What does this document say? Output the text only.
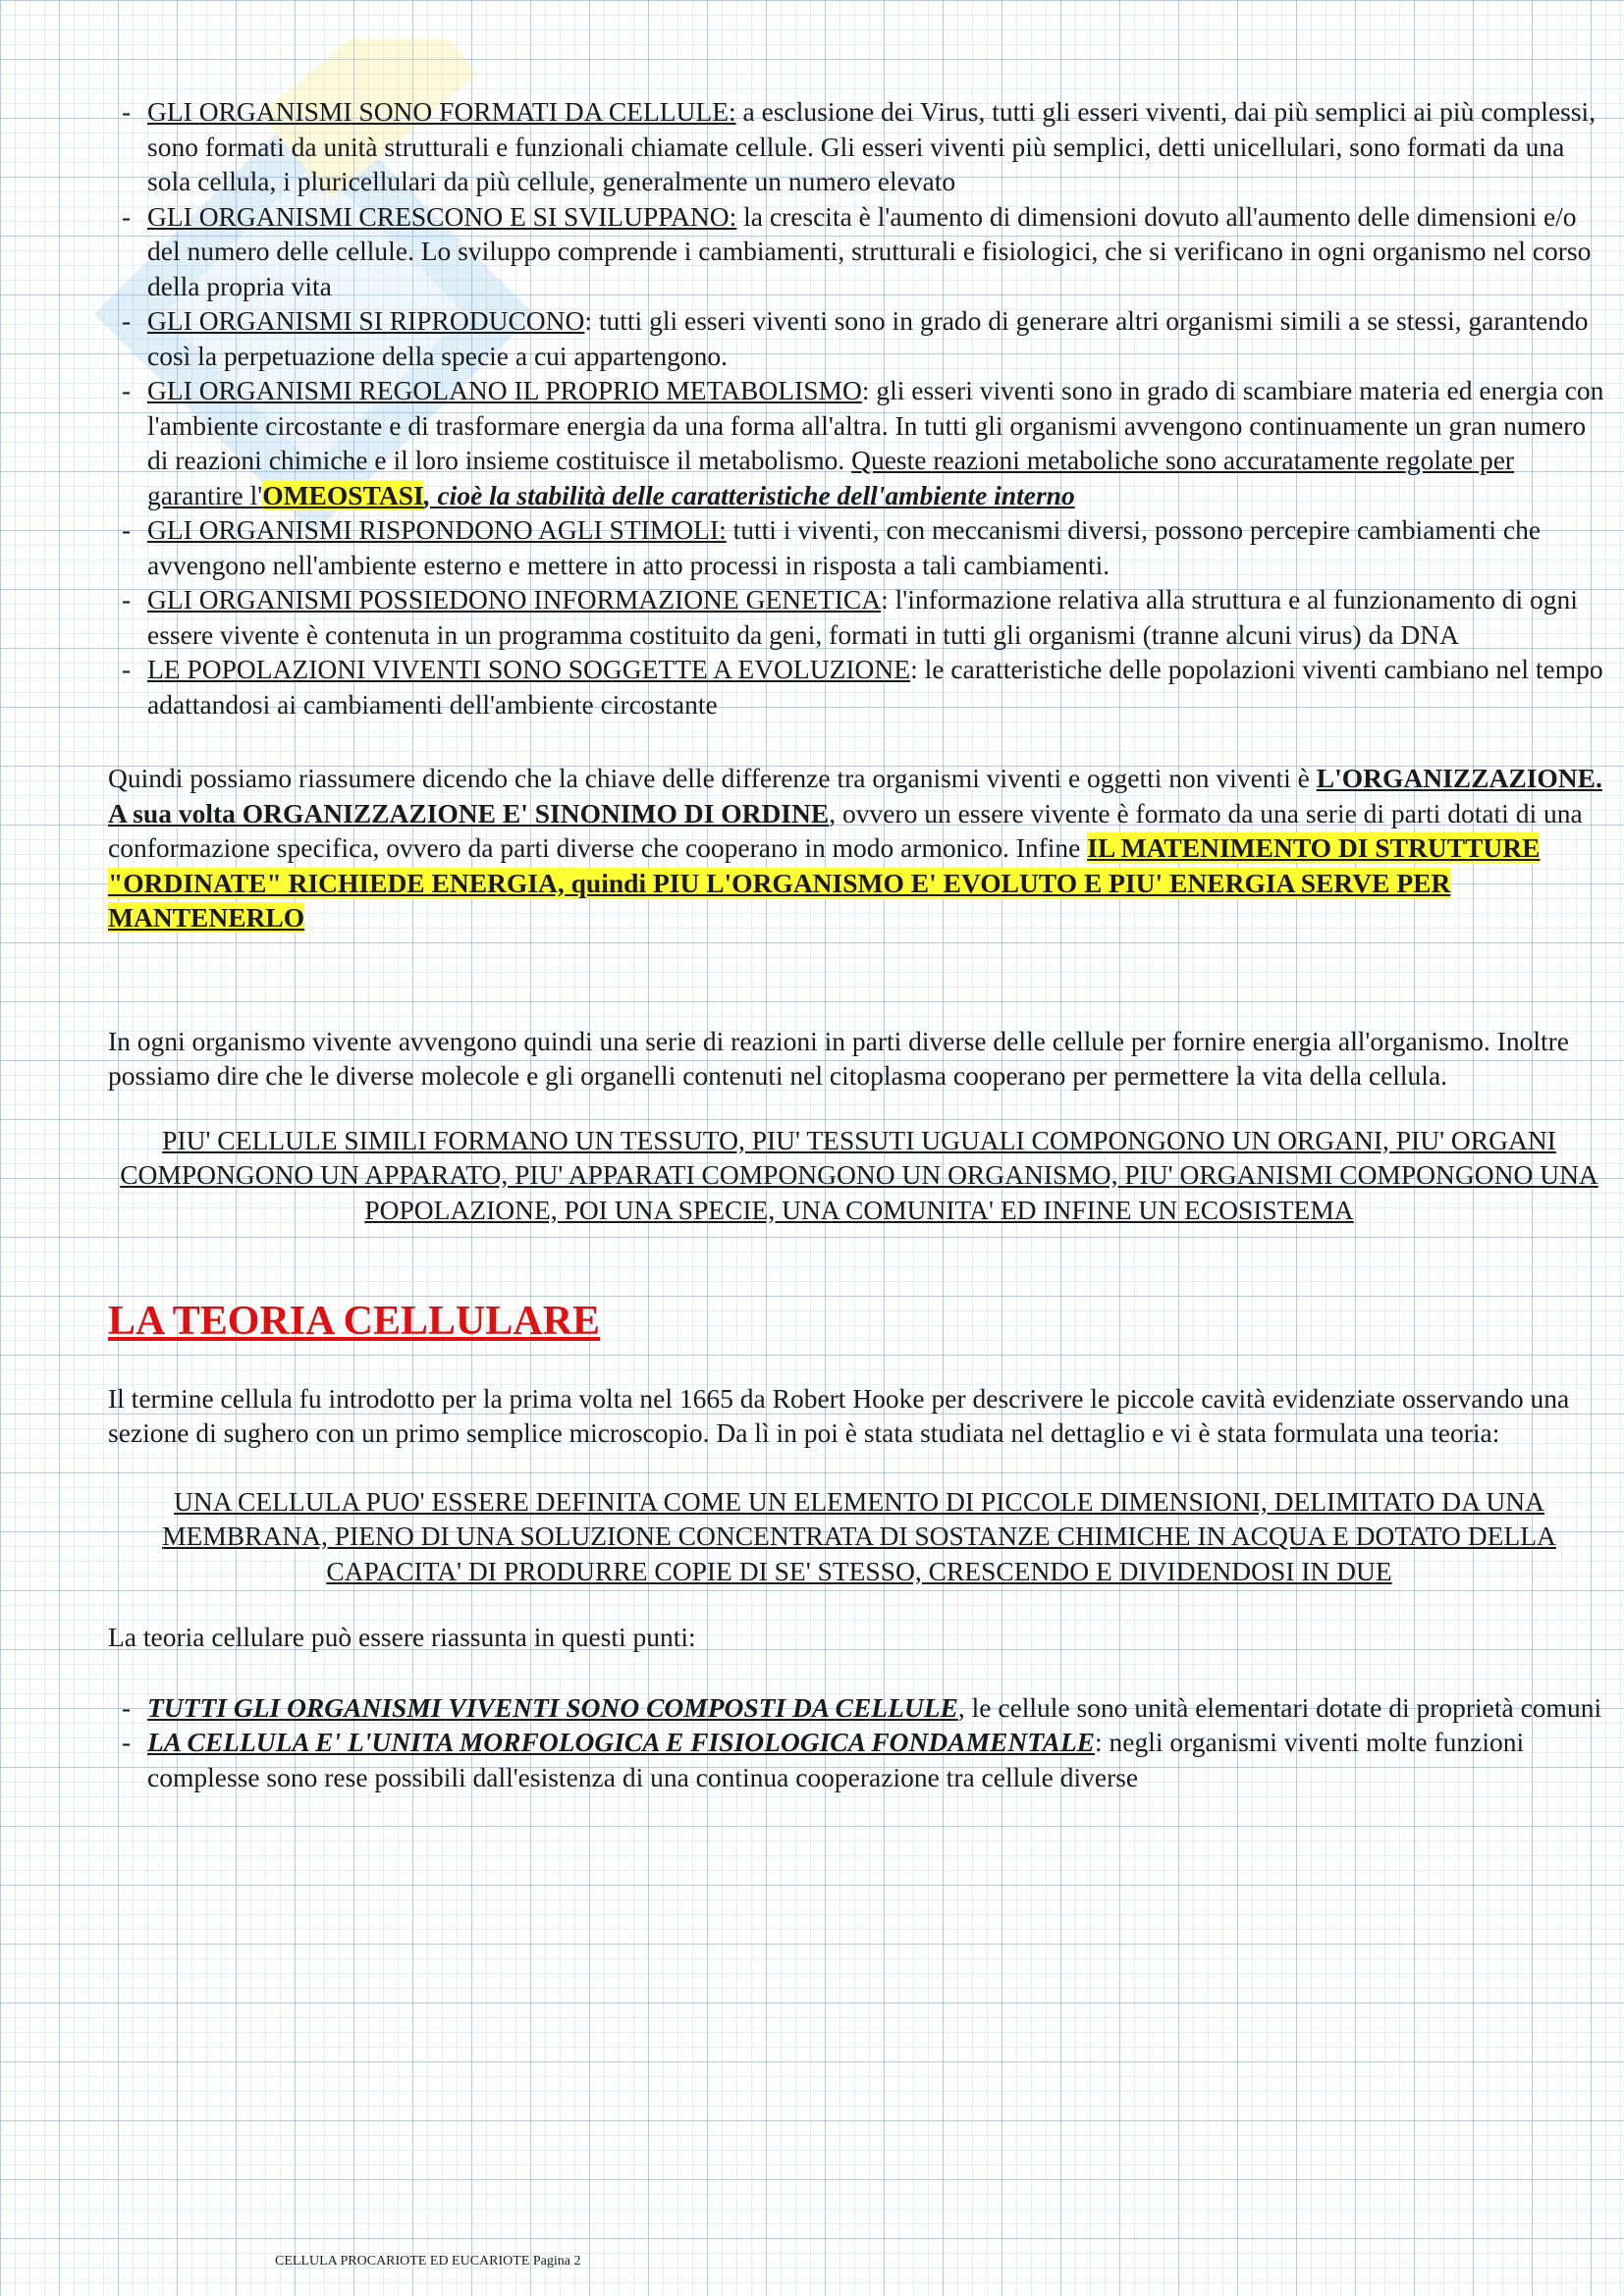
- GLI ORGANISMI SONO FORMATI DA CELLULE: a esclusione dei Virus, tutti gli esseri viventi, dai più semplici ai più complessi, sono formati da unità strutturali e funzionali chiamate cellule. Gli esseri viventi più semplici, detti unicellulari, sono formati da una sola cellula, i pluricellulari da più cellule, generalmente un numero elevato
- GLI ORGANISMI CRESCONO E SI SVILUPPANO: la crescita è l'aumento di dimensioni dovuto all'aumento delle dimensioni e/o del numero delle cellule. Lo sviluppo comprende i cambiamenti, strutturali e fisiologici, che si verificano in ogni organismo nel corso della propria vita
- GLI ORGANISMI SI RIPRODUCONO: tutti gli esseri viventi sono in grado di generare altri organismi simili a se stessi, garantendo così la perpetuazione della specie a cui appartengono.
- GLI ORGANISMI REGOLANO IL PROPRIO METABOLISMO: gli esseri viventi sono in grado di scambiare materia ed energia con l'ambiente circostante e di trasformare energia da una forma all'altra. In tutti gli organismi avvengono continuamente un gran numero di reazioni chimiche e il loro insieme costituisce il metabolismo. Queste reazioni metaboliche sono accuratamente regolate per garantire l'OMEOSTASI, cioè la stabilità delle caratteristiche dell'ambiente interno
- GLI ORGANISMI RISPONDONO AGLI STIMOLI: tutti i viventi, con meccanismi diversi, possono percepire cambiamenti che avvengono nell'ambiente esterno e mettere in atto processi in risposta a tali cambiamenti.
- GLI ORGANISMI POSSIEDONO INFORMAZIONE GENETICA: l'informazione relativa alla struttura e al funzionamento di ogni essere vivente è contenuta in un programma costituito da geni, formati in tutti gli organismi (tranne alcuni virus) da DNA
- LE POPOLAZIONI VIVENTI SONO SOGGETTE A EVOLUZIONE: le caratteristiche delle popolazioni viventi cambiano nel tempo adattandosi ai cambiamenti dell'ambiente circostante

Quindi possiamo riassumere dicendo che la chiave delle differenze tra organismi viventi e oggetti non viventi è L'ORGANIZZAZIONE. A sua volta ORGANIZZAZIONE E' SINONIMO DI ORDINE, ovvero un essere vivente è formato da una serie di parti dotati di una conformazione specifica, ovvero da parti diverse che cooperano in modo armonico. Infine IL MATENIMENTO DI STRUTTURE "ORDINATE" RICHIEDE ENERGIA, quindi PIU L'ORGANISMO E' EVOLUTO E PIU' ENERGIA SERVE PER MANTENERLO

In ogni organismo vivente avvengono quindi una serie di reazioni in parti diverse delle cellule per fornire energia all'organismo. Inoltre possiamo dire che le diverse molecole e gli organelli contenuti nel citoplasma cooperano per permettere la vita della cellula.

PIU' CELLULE SIMILI FORMANO UN TESSUTO, PIU' TESSUTI UGUALI COMPONGONO UN ORGANI, PIU' ORGANI COMPONGONO UN APPARATO, PIU' APPARATI COMPONGONO UN ORGANISMO, PIU' ORGANISMI COMPONGONO UNA POPOLAZIONE, POI UNA SPECIE, UNA COMUNITA' ED INFINE UN ECOSISTEMA

LA TEORIA CELLULARE

Il termine cellula fu introdotto per la prima volta nel 1665 da Robert Hooke per descrivere le piccole cavità evidenziate osservando una sezione di sughero con un primo semplice microscopio. Da lì in poi è stata studiata nel dettaglio e vi è stata formulata una teoria:

UNA CELLULA PUO' ESSERE DEFINITA COME UN ELEMENTO DI PICCOLE DIMENSIONI, DELIMITATO DA UNA MEMBRANA, PIENO DI UNA SOLUZIONE CONCENTRATA DI SOSTANZE CHIMICHE IN ACQUA E DOTATO DELLA CAPACITA' DI PRODURRE COPIE DI SE' STESSO, CRESCENDO E DIVIDENDOSI IN DUE

La teoria cellulare può essere riassunta in questi punti:

- TUTTI GLI ORGANISMI VIVENTI SONO COMPOSTI DA CELLULE, le cellule sono unità elementari dotate di proprietà comuni
- LA CELLULA E' L'UNITA MORFOLOGICA E FISIOLOGICA FONDAMENTALE: negli organismi viventi molte funzioni complesse sono rese possibili dall'esistenza di una continua cooperazione tra cellule diverse
CELLULA PROCARIOTE ED EUCARIOTE Pagina 2
